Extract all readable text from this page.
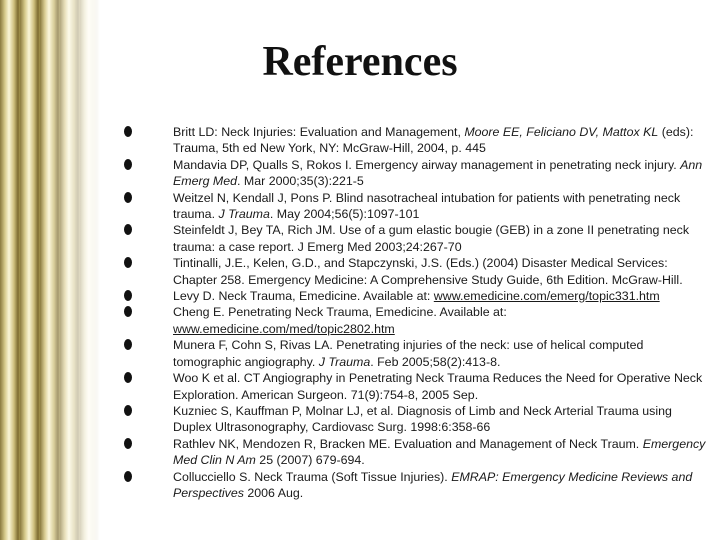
References
Britt LD: Neck Injuries: Evaluation and Management, Moore EE, Feliciano DV, Mattox KL (eds): Trauma, 5th ed New York, NY: McGraw-Hill, 2004, p. 445
Mandavia DP, Qualls S, Rokos I. Emergency airway management in penetrating neck injury. Ann Emerg Med. Mar 2000;35(3):221-5
Weitzel N, Kendall J, Pons P. Blind nasotracheal intubation for patients with penetrating neck trauma. J Trauma. May 2004;56(5):1097-101
Steinfeldt J, Bey TA, Rich JM. Use of a gum elastic bougie (GEB) in a zone II penetrating neck trauma: a case report. J Emerg Med 2003;24:267-70
Tintinalli, J.E., Kelen, G.D., and Stapczynski, J.S. (Eds.) (2004) Disaster Medical Services: Chapter 258. Emergency Medicine: A Comprehensive Study Guide, 6th Edition. McGraw-Hill.
Levy D. Neck Trauma, Emedicine. Available at: www.emedicine.com/emerg/topic331.htm
Cheng E. Penetrating Neck Trauma, Emedicine. Available at: www.emedicine.com/med/topic2802.htm
Munera F, Cohn S, Rivas LA. Penetrating injuries of the neck: use of helical computed tomographic angiography. J Trauma. Feb 2005;58(2):413-8.
Woo K et al. CT Angiography in Penetrating Neck Trauma Reduces the Need for Operative Neck Exploration. American Surgeon. 71(9):754-8, 2005 Sep.
Kuzniec S, Kauffman P, Molnar LJ, et al. Diagnosis of Limb and Neck Arterial Trauma using Duplex Ultrasonography, Cardiovasc Surg. 1998:6:358-66
Rathlev NK, Mendozen R, Bracken ME. Evaluation and Management of Neck Traum. Emergency Med Clin N Am 25 (2007) 679-694.
Collucciello S. Neck Trauma (Soft Tissue Injuries). EMRAP: Emergency Medicine Reviews and Perspectives 2006 Aug.
